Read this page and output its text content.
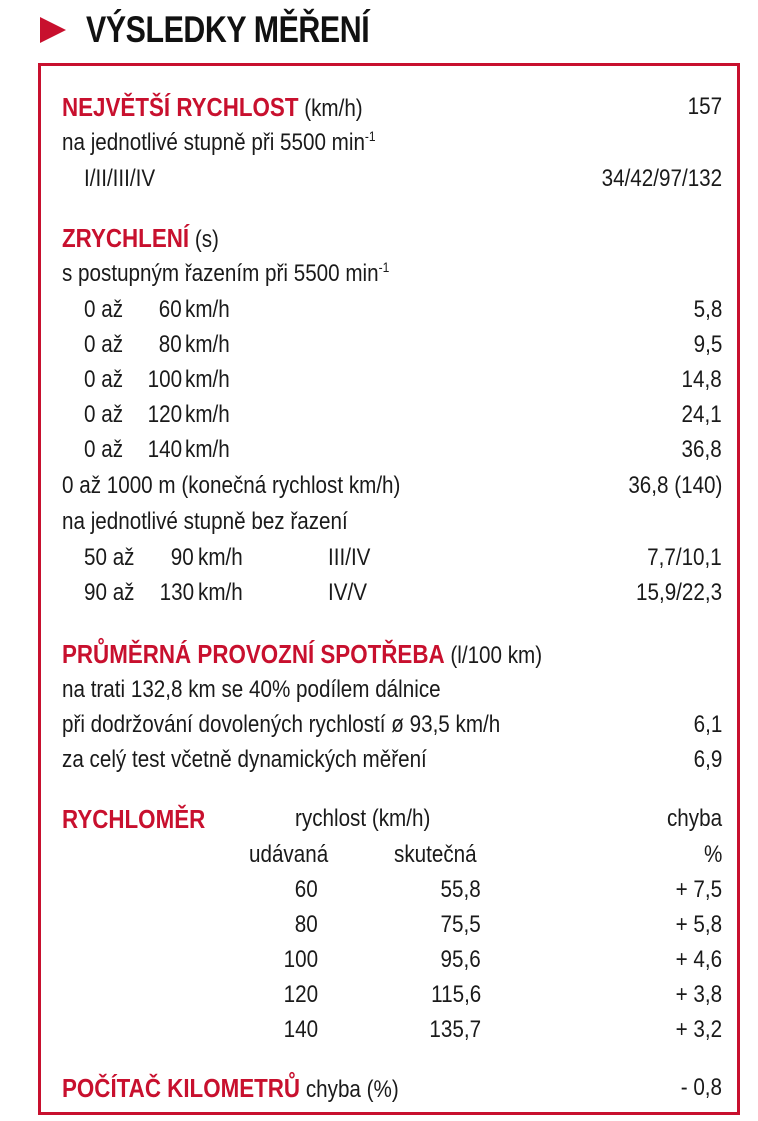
VÝSLEDKY MĚŘENÍ
NEJVĚTŠÍ RYCHLOST (km/h)	157
na jednotlivé stupně při 5500 $\min^{-1}$
I/II/III/IV	34/42/97/132
ZRYCHLENÍ (s)
s postupným řazením při 5500 $\min^{-1}$
0 až 60 km/h	5,8
0 až 80 km/h	9,5
0 až 100 km/h	14,8
0 až 120 km/h	24,1
0 až 140 km/h	36,8
0 až 1000 m (konečná rychlost km/h)	36,8 (140)
na jednotlivé stupně bez řazení
50 až 90 km/h	III/IV	7,7/10,1
90 až 130 km/h	IV/V	15,9/22,3
PRŮMĚRNÁ PROVOZNÍ SPOTŘEBA (l/100 km)
na trati 132,8 km se 40% podílem dálnice
při dodržování dovolených rychlostí ø 93,5 km/h	6,1
za celý test včetně dynamických měření	6,9
RYCHLOMĚR	rychlost (km/h)	chyba
udávaná	skutečná	%
60	55,8	+ 7,5
80	75,5	+ 5,8
100	95,6	+ 4,6
120	115,6	+ 3,8
140	135,7	+ 3,2
POČÍTAČ KILOMETRŮ chyba (%)	- 0,8
